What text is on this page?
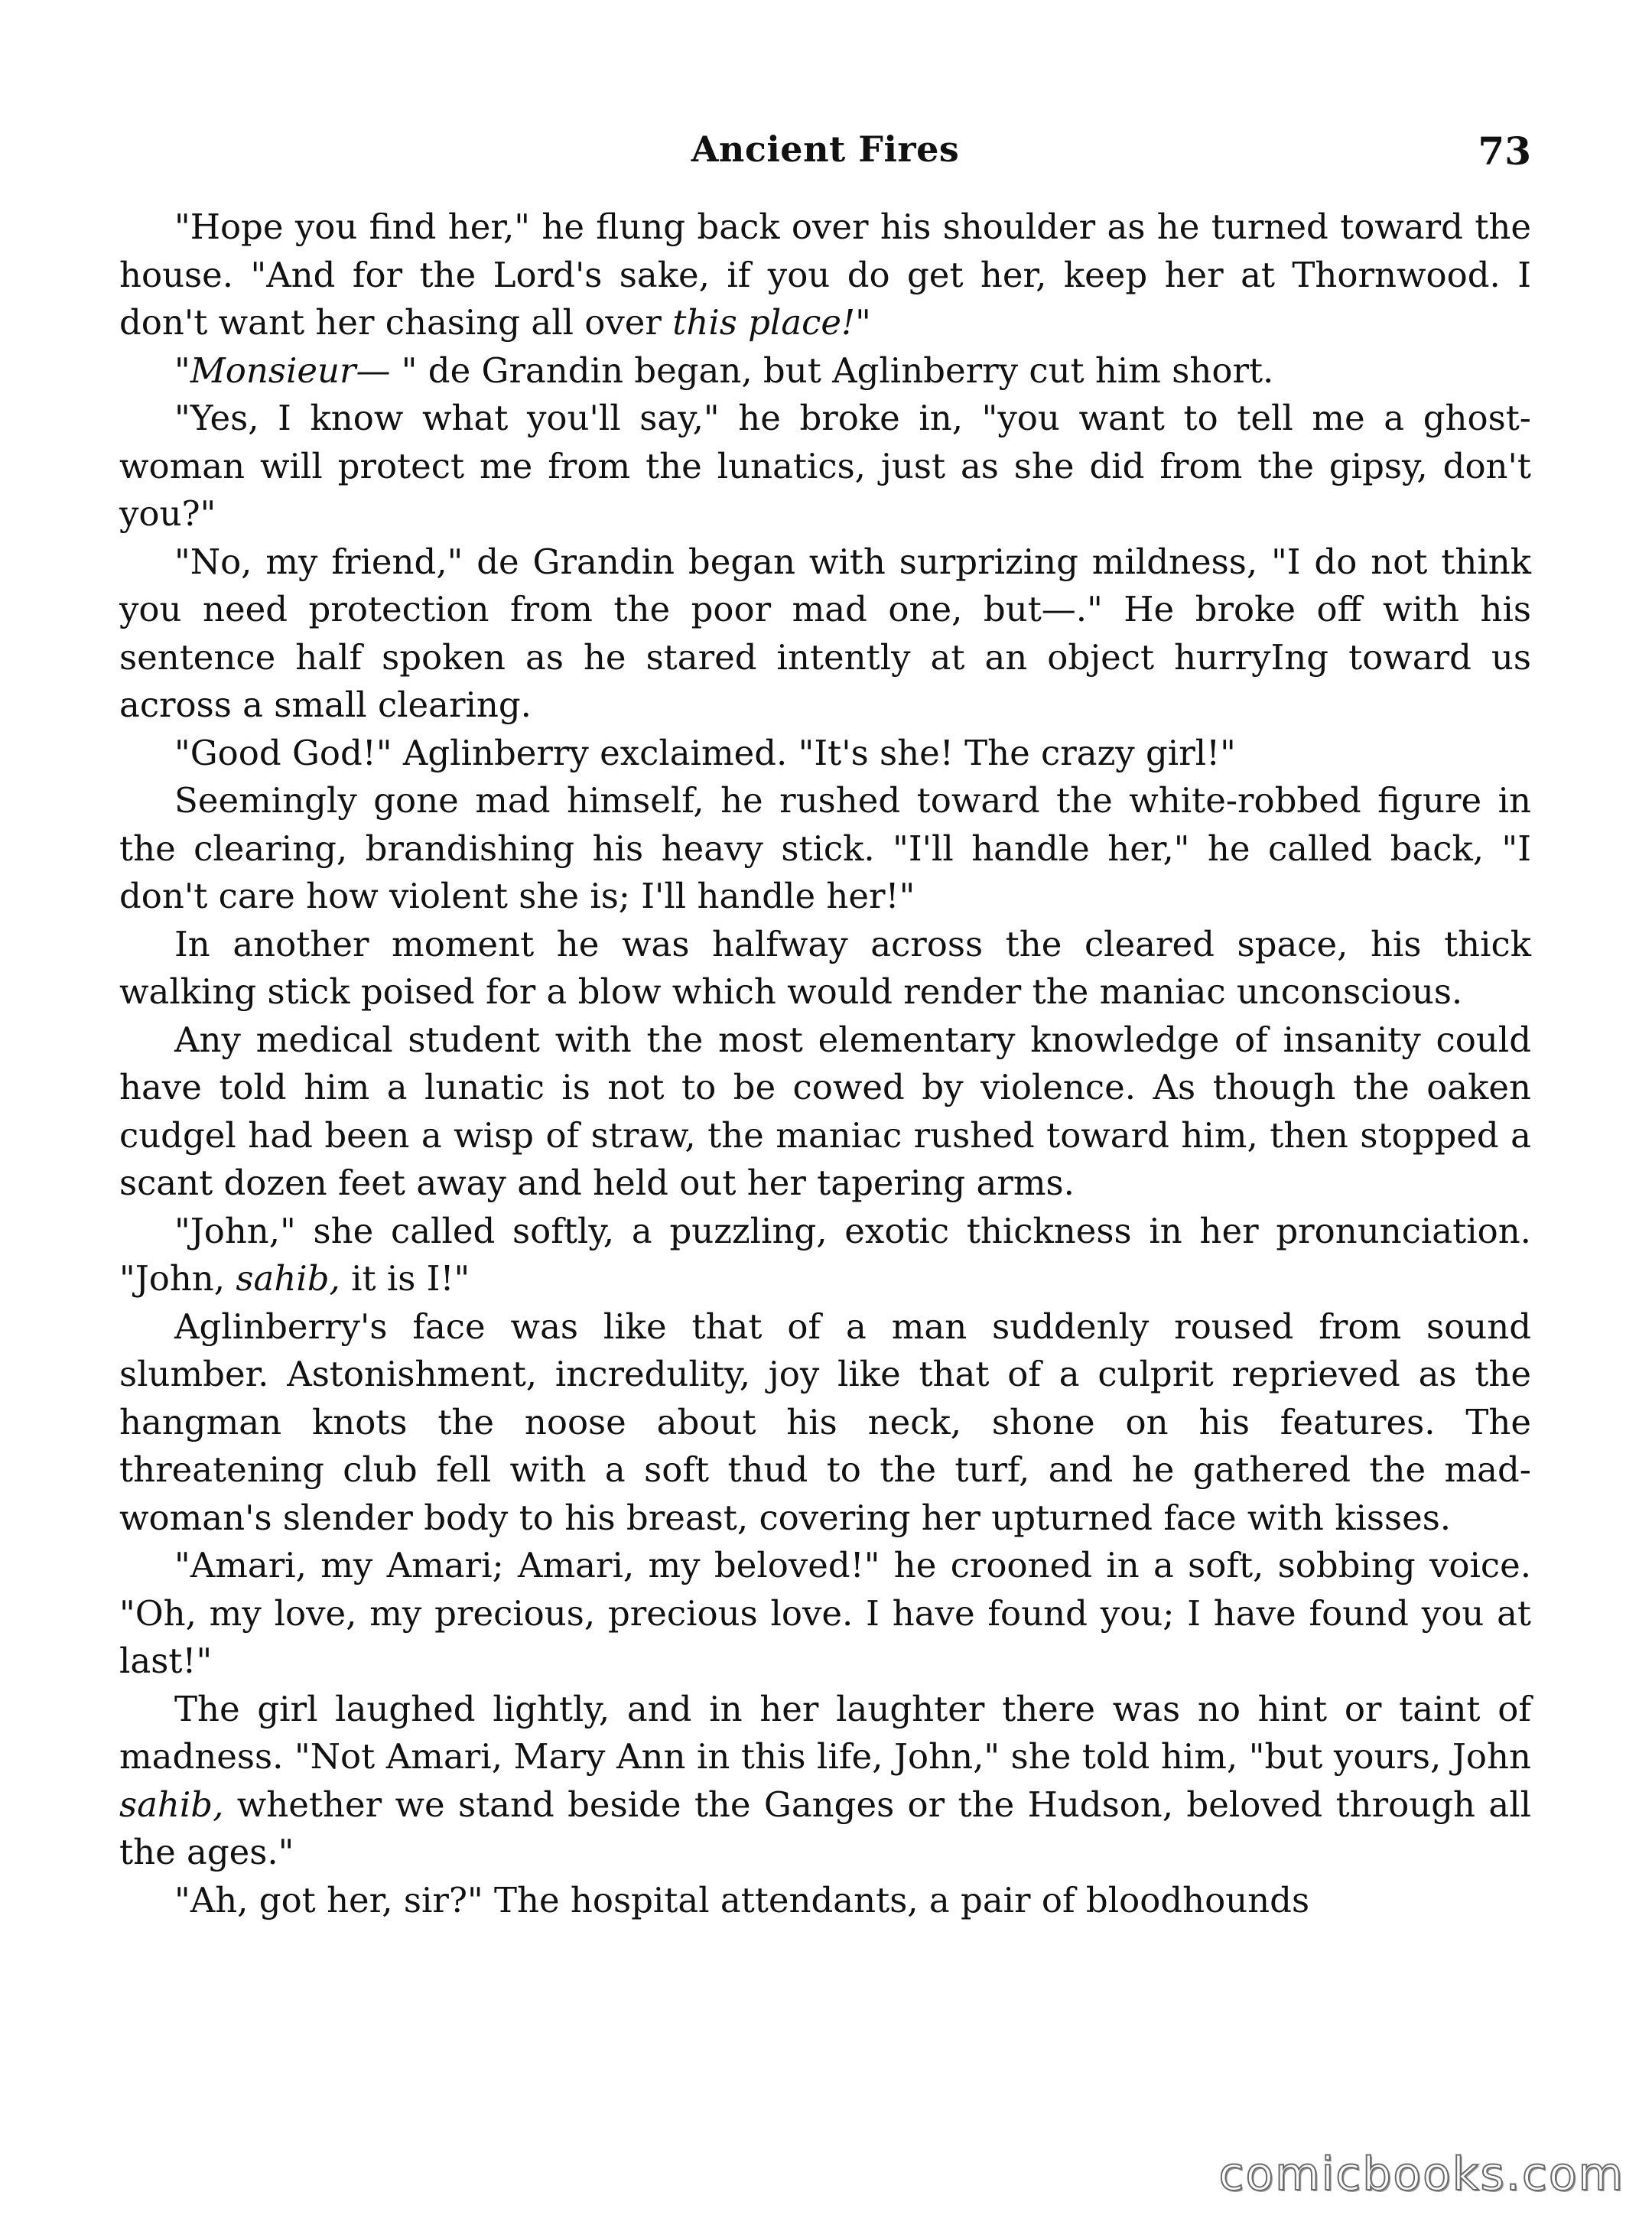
Ancient Fires	73

"Hope you find her," he flung back over his shoulder as he turned toward the house. "And for the Lord's sake, if you do get her, keep her at Thornwood. I don't want her chasing all over this place!"

"Monsieur— " de Grandin began, but Aglinberry cut him short.

"Yes, I know what you'll say," he broke in, "you want to tell me a ghost-woman will protect me from the lunatics, just as she did from the gipsy, don't you?"

"No, my friend," de Grandin began with surprizing mildness, "I do not think you need protection from the poor mad one, but—." He broke off with his sentence half spoken as he stared intently at an object hurryIng toward us across a small clearing.

"Good God!" Aglinberry exclaimed. "It's she! The crazy girl!"

Seemingly gone mad himself, he rushed toward the white-robbed figure in the clearing, brandishing his heavy stick. "I'll handle her," he called back, "I don't care how violent she is; I'll handle her!"

In another moment he was halfway across the cleared space, his thick walking stick poised for a blow which would render the maniac unconscious.

Any medical student with the most elementary knowledge of insanity could have told him a lunatic is not to be cowed by violence. As though the oaken cudgel had been a wisp of straw, the maniac rushed toward him, then stopped a scant dozen feet away and held out her tapering arms.

"John," she called softly, a puzzling, exotic thickness in her pronunciation. "John, sahib, it is I!"

Aglinberry's face was like that of a man suddenly roused from sound slumber. Astonishment, incredulity, joy like that of a culprit reprieved as the hangman knots the noose about his neck, shone on his features. The threatening club fell with a soft thud to the turf, and he gathered the mad-woman's slender body to his breast, covering her upturned face with kisses.

"Amari, my Amari; Amari, my beloved!" he crooned in a soft, sobbing voice. "Oh, my love, my precious, precious love. I have found you; I have found you at last!"

The girl laughed lightly, and in her laughter there was no hint or taint of madness. "Not Amari, Mary Ann in this life, John," she told him, "but yours, John sahib, whether we stand beside the Ganges or the Hudson, beloved through all the ages."

"Ah, got her, sir?" The hospital attendants, a pair of bloodhounds

comicbooks.com
